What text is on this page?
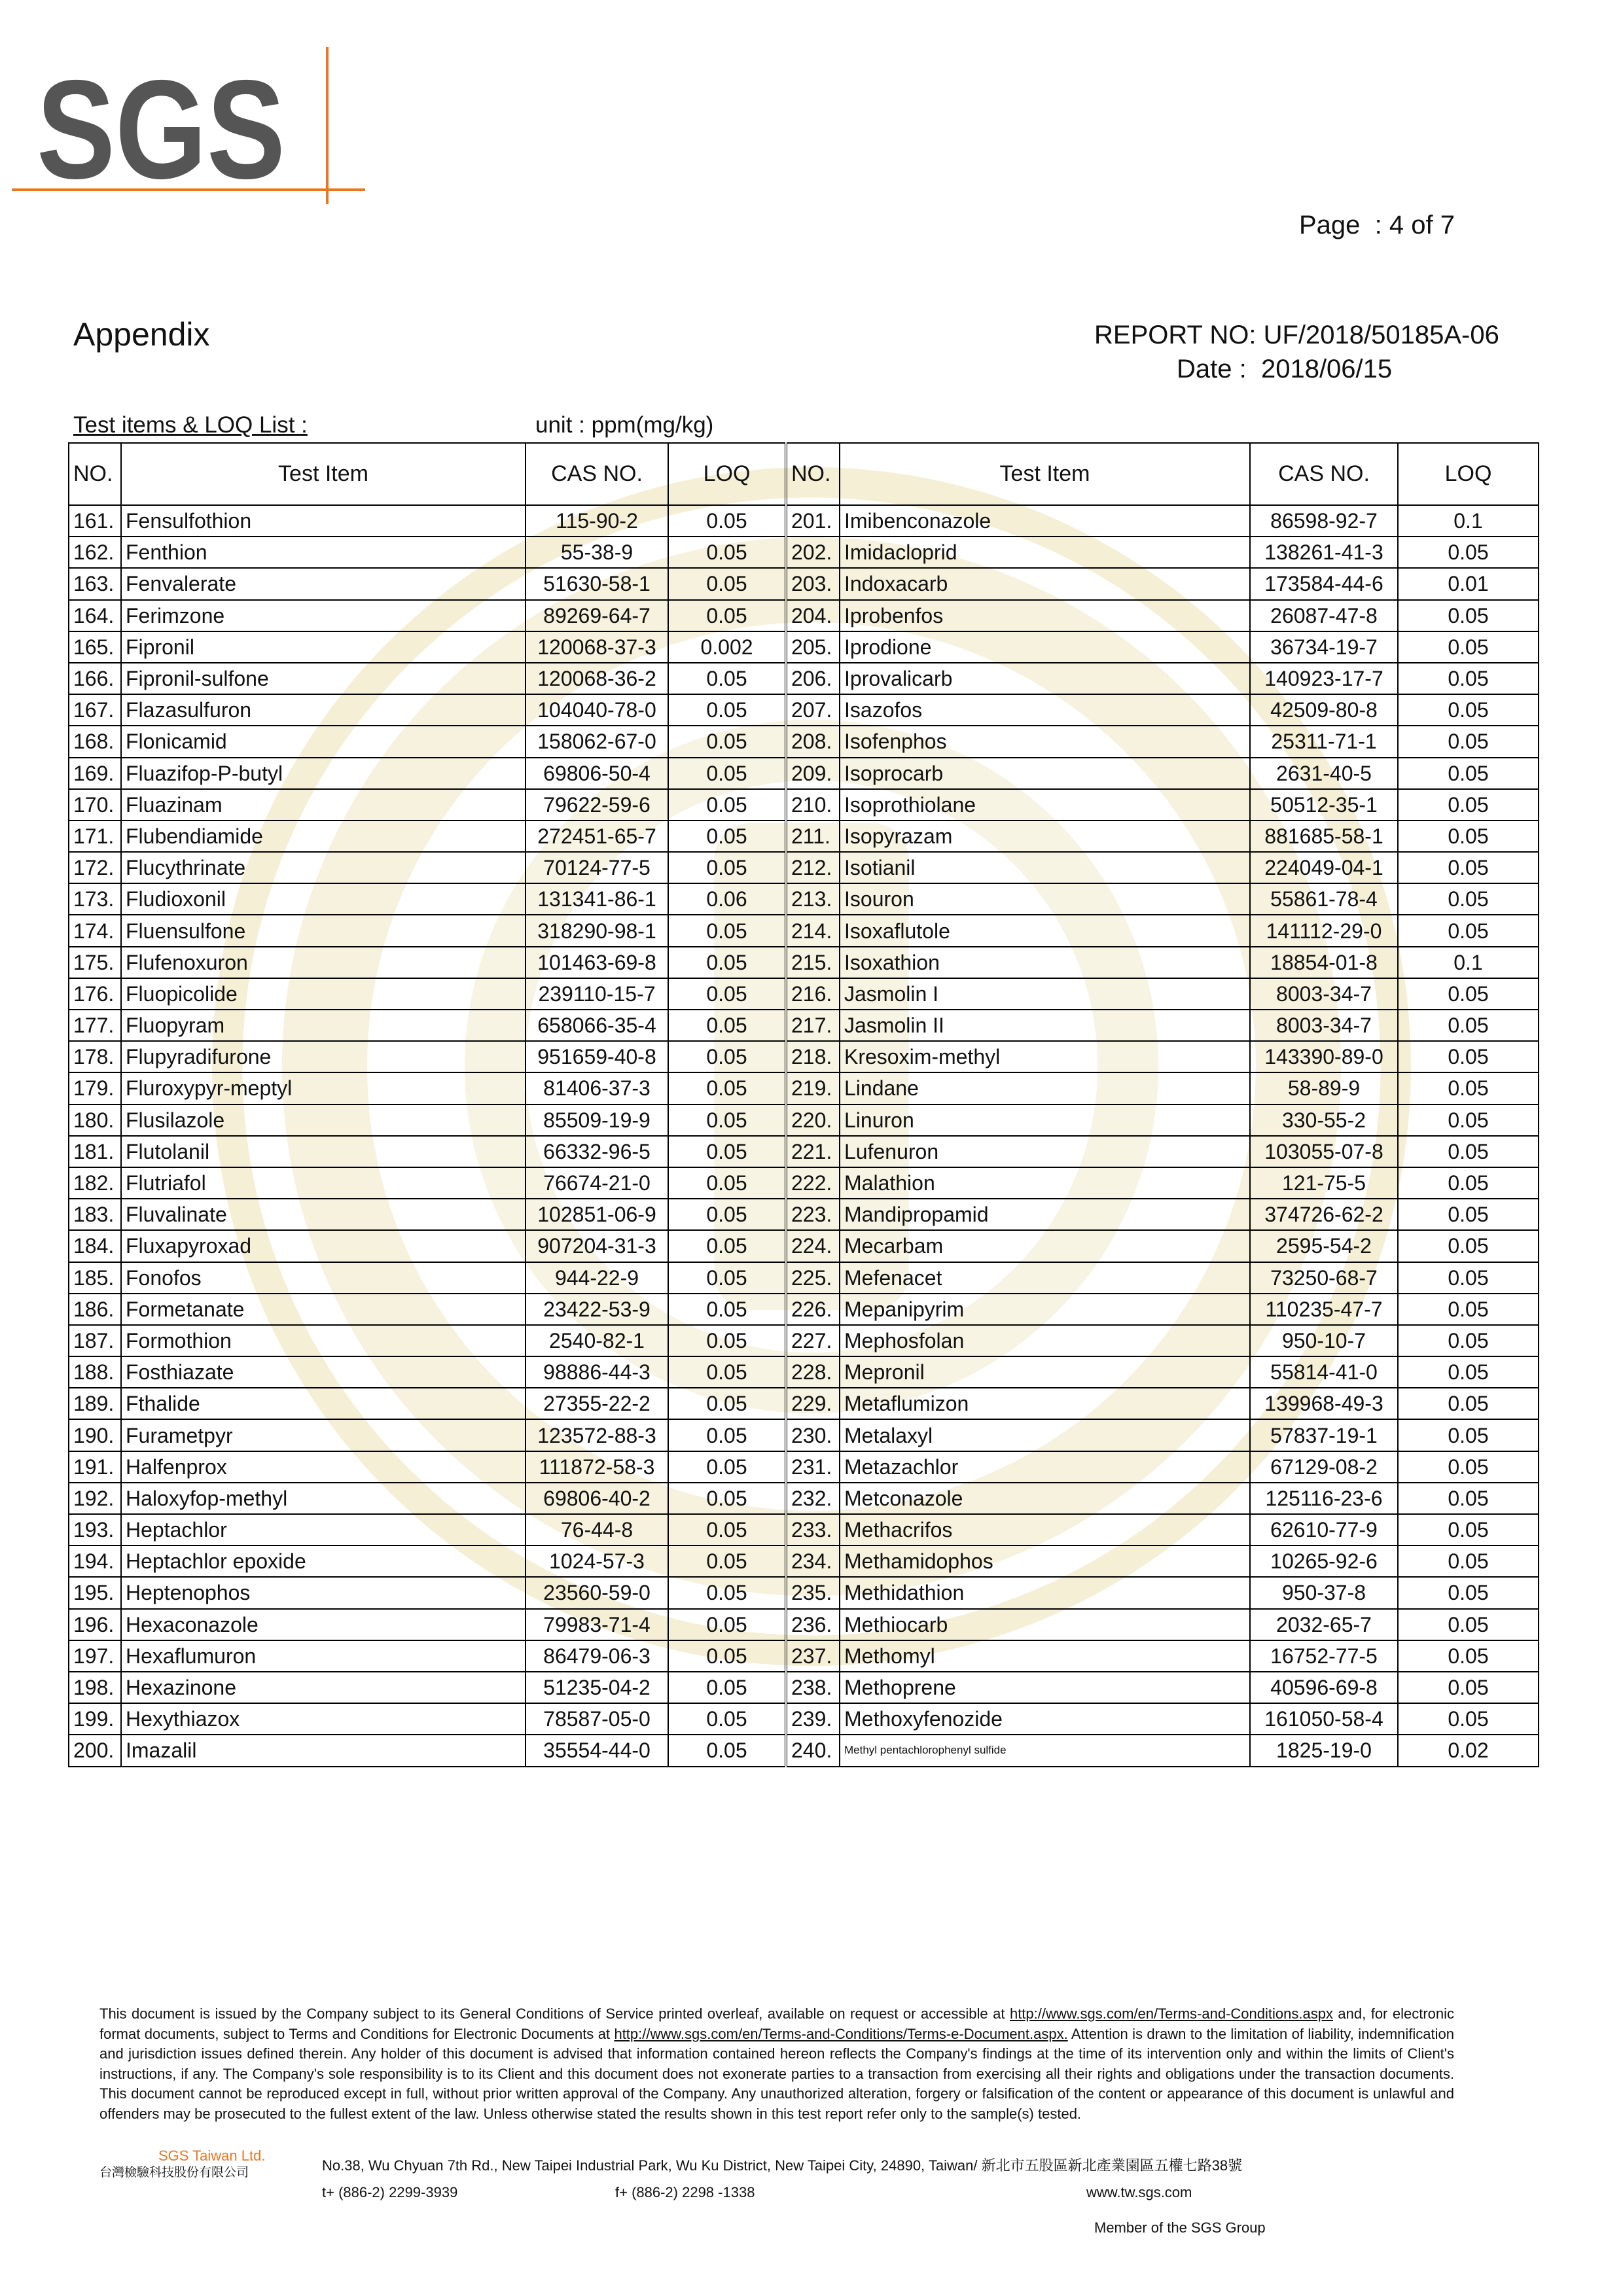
SGS
Page  : 4 of 7
Appendix	REPORT NO: UF/2018/50185A-06
Date : 2018/06/15
Test items & LOQ List :	unit : ppm(mg/kg)
NO.	Test Item	CAS NO.	LOQ	NO.	Test Item	CAS NO.	LOQ
161.	Fensulfothion	115-90-2	0.05	201.	Imibenconazole	86598-92-7	0.1
162.	Fenthion	55-38-9	0.05	202.	Imidacloprid	138261-41-3	0.05
163.	Fenvalerate	51630-58-1	0.05	203.	Indoxacarb	173584-44-6	0.01
164.	Ferimzone	89269-64-7	0.05	204.	Iprobenfos	26087-47-8	0.05
165.	Fipronil	120068-37-3	0.002	205.	Iprodione	36734-19-7	0.05
166.	Fipronil-sulfone	120068-36-2	0.05	206.	Iprovalicarb	140923-17-7	0.05
167.	Flazasulfuron	104040-78-0	0.05	207.	Isazofos	42509-80-8	0.05
168.	Flonicamid	158062-67-0	0.05	208.	Isofenphos	25311-71-1	0.05
169.	Fluazifop-P-butyl	69806-50-4	0.05	209.	Isoprocarb	2631-40-5	0.05
170.	Fluazinam	79622-59-6	0.05	210.	Isoprothiolane	50512-35-1	0.05
171.	Flubendiamide	272451-65-7	0.05	211.	Isopyrazam	881685-58-1	0.05
172.	Flucythrinate	70124-77-5	0.05	212.	Isotianil	224049-04-1	0.05
173.	Fludioxonil	131341-86-1	0.06	213.	Isouron	55861-78-4	0.05
174.	Fluensulfone	318290-98-1	0.05	214.	Isoxaflutole	141112-29-0	0.05
175.	Flufenoxuron	101463-69-8	0.05	215.	Isoxathion	18854-01-8	0.1
176.	Fluopicolide	239110-15-7	0.05	216.	Jasmolin I	8003-34-7	0.05
177.	Fluopyram	658066-35-4	0.05	217.	Jasmolin II	8003-34-7	0.05
178.	Flupyradifurone	951659-40-8	0.05	218.	Kresoxim-methyl	143390-89-0	0.05
179.	Fluroxypyr-meptyl	81406-37-3	0.05	219.	Lindane	58-89-9	0.05
180.	Flusilazole	85509-19-9	0.05	220.	Linuron	330-55-2	0.05
181.	Flutolanil	66332-96-5	0.05	221.	Lufenuron	103055-07-8	0.05
182.	Flutriafol	76674-21-0	0.05	222.	Malathion	121-75-5	0.05
183.	Fluvalinate	102851-06-9	0.05	223.	Mandipropamid	374726-62-2	0.05
184.	Fluxapyroxad	907204-31-3	0.05	224.	Mecarbam	2595-54-2	0.05
185.	Fonofos	944-22-9	0.05	225.	Mefenacet	73250-68-7	0.05
186.	Formetanate	23422-53-9	0.05	226.	Mepanipyrim	110235-47-7	0.05
187.	Formothion	2540-82-1	0.05	227.	Mephosfolan	950-10-7	0.05
188.	Fosthiazate	98886-44-3	0.05	228.	Mepronil	55814-41-0	0.05
189.	Fthalide	27355-22-2	0.05	229.	Metaflumizon	139968-49-3	0.05
190.	Furametpyr	123572-88-3	0.05	230.	Metalaxyl	57837-19-1	0.05
191.	Halfenprox	111872-58-3	0.05	231.	Metazachlor	67129-08-2	0.05
192.	Haloxyfop-methyl	69806-40-2	0.05	232.	Metconazole	125116-23-6	0.05
193.	Heptachlor	76-44-8	0.05	233.	Methacrifos	62610-77-9	0.05
194.	Heptachlor epoxide	1024-57-3	0.05	234.	Methamidophos	10265-92-6	0.05
195.	Heptenophos	23560-59-0	0.05	235.	Methidathion	950-37-8	0.05
196.	Hexaconazole	79983-71-4	0.05	236.	Methiocarb	2032-65-7	0.05
197.	Hexaflumuron	86479-06-3	0.05	237.	Methomyl	16752-77-5	0.05
198.	Hexazinone	51235-04-2	0.05	238.	Methoprene	40596-69-8	0.05
199.	Hexythiazox	78587-05-0	0.05	239.	Methoxyfenozide	161050-58-4	0.05
200.	Imazalil	35554-44-0	0.05	240.	Methyl pentachlorophenyl sulfide	1825-19-0	0.02
This document is issued by the Company subject to its General Conditions of Service printed overleaf, available on request or accessible at http://www.sgs.com/en/Terms-and-Conditions.aspx and, for electronic format documents, subject to Terms and Conditions for Electronic Documents at http://www.sgs.com/en/Terms-and-Conditions/Terms-e-Document.aspx. Attention is drawn to the limitation of liability, indemnification and jurisdiction issues defined therein. Any holder of this document is advised that information contained hereon reflects the Company's findings at the time of its intervention only and within the limits of Client's instructions, if any. The Company's sole responsibility is to its Client and this document does not exonerate parties to a transaction from exercising all their rights and obligations under the transaction documents. This document cannot be reproduced except in full, without prior written approval of the Company. Any unauthorized alteration, forgery or falsification of the content or appearance of this document is unlawful and offenders may be prosecuted to the fullest extent of the law. Unless otherwise stated the results shown in this test report refer only to the sample(s) tested.
SGS Taiwan Ltd.
台灣檢驗科技股份有限公司	No.38, Wu Chyuan 7th Rd., New Taipei Industrial Park, Wu Ku District, New Taipei City, 24890, Taiwan/ 新北市五股區新北產業園區五權七路38號
t+ (886-2) 2299-3939	f+ (886-2) 2298 -1338	www.tw.sgs.com
Member of the SGS Group
